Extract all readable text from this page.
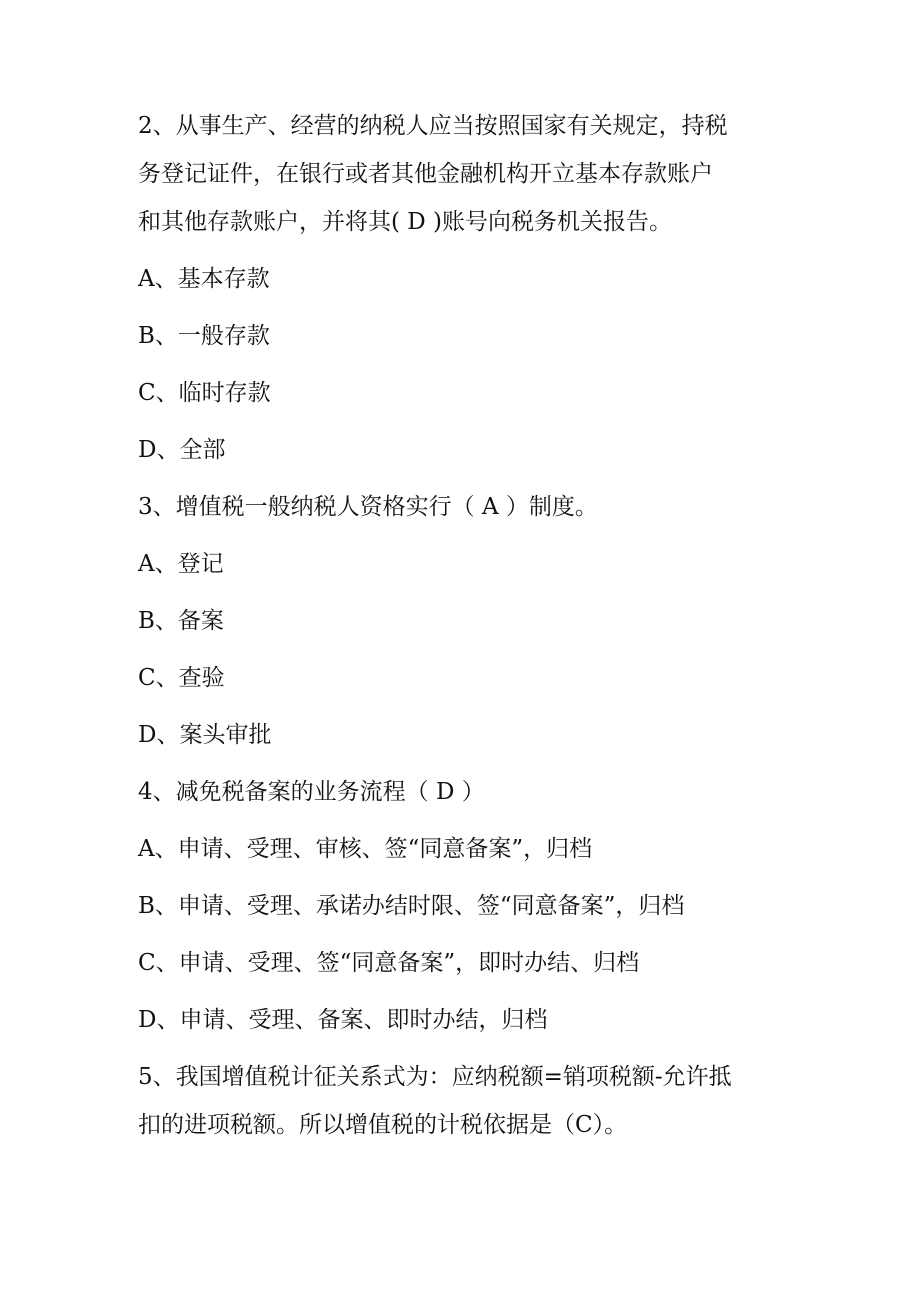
2、从事生产、经营的纳税人应当按照国家有关规定，持税

务登记证件，在银行或者其他金融机构开立基本存款账户

和其他存款账户，并将其( D )账号向税务机关报告。

A、基本存款

B、一般存款

C、临时存款

D、全部

3、增值税一般纳税人资格实行（ A ）制度。

A、登记

B、备案

C、查验

D、案头审批

4、减免税备案的业务流程（ D ）

A、申请、受理、审核、签“同意备案”，归档

B、申请、受理、承诺办结时限、签“同意备案”，归档

C、申请、受理、签“同意备案”，即时办结、归档

D、申请、受理、备案、即时办结，归档

5、我国增值税计征关系式为：应纳税额=销项税额-允许抵

扣的进项税额。所以增值税的计税依据是（C）。
